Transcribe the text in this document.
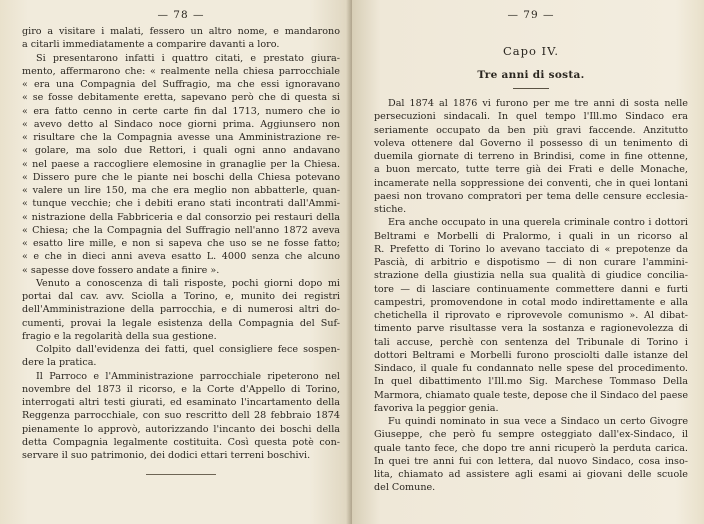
— 78 —
giro a visitare i malati, fessero un altro nome, e mandarono
a citarli immediatamente a comparire davanti a loro.
Si presentarono infatti i quattro citati, e prestato giura-
mento, affermarono che: « realmente nella chiesa parrocchiale
« era una Compagnia del Suffragio, ma che essi ignoravano
« se fosse debitamente eretta, sapevano però che di questa si
« era fatto cenno in certe carte fin dal 1713, numero che io
« avevo detto al Sindaco noce giorni prima. Aggiunsero non
« risultare che la Compagnia avesse una Amministrazione re-
« golare, ma solo due Rettori, i quali ogni anno andavano
« nel paese a raccogliere elemosine in granaglie per la Chiesa.
« Dissero pure che le piante nei boschi della Chiesa potevano
« valere un lire 150, ma che era meglio non abbatterle, quan-
« tunque vecchie; che i debiti erano stati incontrati dall'Ammi-
« nistrazione della Fabbriceria e dal consorzio pei restauri della
« Chiesa; che la Compagnia del Suffragio nell'anno 1872 aveva
« esatto lire mille, e non si sapeva che uso se ne fosse fatto;
« e che in dieci anni aveva esatto L. 4000 senza che alcuno
« sapesse dove fossero andate a finire ».
Venuto a conoscenza di tali risposte, pochi giorni dopo mi
portai dal cav. avv. Sciolla a Torino, e, munito dei registri
dell'Amministrazione della parrocchia, e di numerosi altri do-
cumenti, provai la legale esistenza della Compagnia del Suf-
fragio e la regolarità della sua gestione.
Colpito dall'evidenza dei fatti, quel consigliere fece sospen-
dere la pratica.
Il Parroco e l'Amministrazione parrocchiale ripeterono nel
novembre del 1873 il ricorso, e la Corte d'Appello di Torino,
interrogati altri testi giurati, ed esaminato l'incartamento della
Reggenza parrocchiale, con suo rescritto dell 28 febbraio 1874
pienamente lo approvò, autorizzando l'incanto dei boschi della
detta Compagnia legalmente costituita. Così questa potè con-
servare il suo patrimonio, dei dodici ettari terreni boschivi.
— 79 —
Capo IV.
Tre anni di sosta.
Dal 1874 al 1876 vi furono per me tre anni di sosta nelle
persecuzioni sindacali. In quel tempo l'Ill.mo Sindaco era
seriamente occupato da ben più gravi faccende. Anzitutto
voleva ottenere dal Governo il possesso di un tenimento di
duemila giornate di terreno in Brindisi, come in fine ottenne,
a buon mercato, tutte terre già dei Frati e delle Monache,
incamerate nella soppressione dei conventi, che in quei lontani
paesi non trovano compratori per tema delle censure ecclesia-
stiche.
Era anche occupato in una querela criminale contro i dottori
Beltrami e Morbelli di Pralormo, i quali in un ricorso al
R. Prefetto di Torino lo avevano tacciato di « prepotenze da
Pascià, di arbitrio e dispotismo — di non curare l'ammini-
strazione della giustizia nella sua qualità di giudice concilia-
tore — di lasciare continuamente commettere danni e furti
campestri, promovendone in cotal modo indirettamente e alla
chetichella il riprovato e riprovevole comunismo ». Al dibat-
timento parve risultasse vera la sostanza e ragionevolezza di
tali accuse, perchè con sentenza del Tribunale di Torino i
dottori Beltrami e Morbelli furono prosciolti dalle istanze del
Sindaco, il quale fu condannato nelle spese del procedimento.
In quel dibattimento l'Ill.mo Sig. Marchese Tommaso Della
Marmora, chiamato quale teste, depose che il Sindaco del paese
favoriva la peggior genia.
Fu quindi nominato in sua vece a Sindaco un certo Givogre
Giuseppe, che però fu sempre osteggiato dall'ex-Sindaco, il
quale tanto fece, che dopo tre anni ricuperò la perduta carica.
In quei tre anni fui con lettera, dal nuovo Sindaco, cosa inso-
lita, chiamato ad assistere agli esami ai giovani delle scuole
del Comune.
